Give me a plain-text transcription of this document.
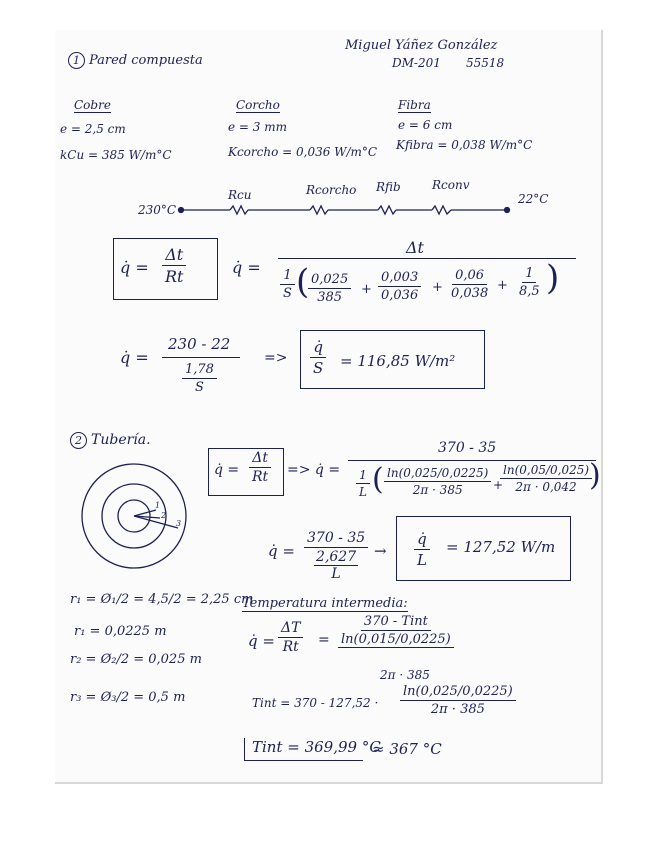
1 Pared compuesta
Miguel Yáñez González
DM-201 55518
Cobre
e = 2,5 cm
kCu = 385 W/m°C
Corcho
e = 3 mm
Kcorcho = 0,036 W/m°C
Fibra
e = 6 cm
Kfibra = 0,038 W/m°C
230°C
22°C
Rcu	Rcorcho Rfib	Rconv
q̇ = $\frac{\Delta t}{Rt}$	q̇ =
Δt
$\frac{1}{S}$ (
$\frac{0,025}{385} + \frac{0,003}{0,036} + \frac{0,06}{0,038} + \frac{1}{8,5}$ )
q̇ =
230 - 22
$\frac{1,78}{S}$
=> $\frac{q̇}{S} = 116,85$ W/m²
2 Tubería.
q̇ = $\frac{\Delta t}{Rt}$ => q̇ =
370 - 35
$\frac{1}{L}$ ( $\frac{\ln(0,025/0,0225)}{2\pi \cdot 385}$ +
$\frac{\ln(0,05/0,025)}{2\pi \cdot 0,042}$
)
1
2
3
q̇ = 370 - 35
2,627
$L \to \frac{q̇}{L} = 127,52$ W/m
r₁ = Ø₁/2 = 4,5/2 = 2,25 cm
r₁ = 0,0225 m
r₂ = Ø₂/2 = 0,025 m
r₃ = Ø₃/2 = 0,5 m
Temperatura intermedia:
q̇ = $\frac{\Delta T}{Rt}$ =
370 - Tint
ln(0,015/0,0225)
2π · 385
Tint = $370 - 127,52 \cdot \frac{\ln(0,025/0,0225)}{2\pi \cdot 385}$
Tint = 369,99 °C
≈ 367 °C
